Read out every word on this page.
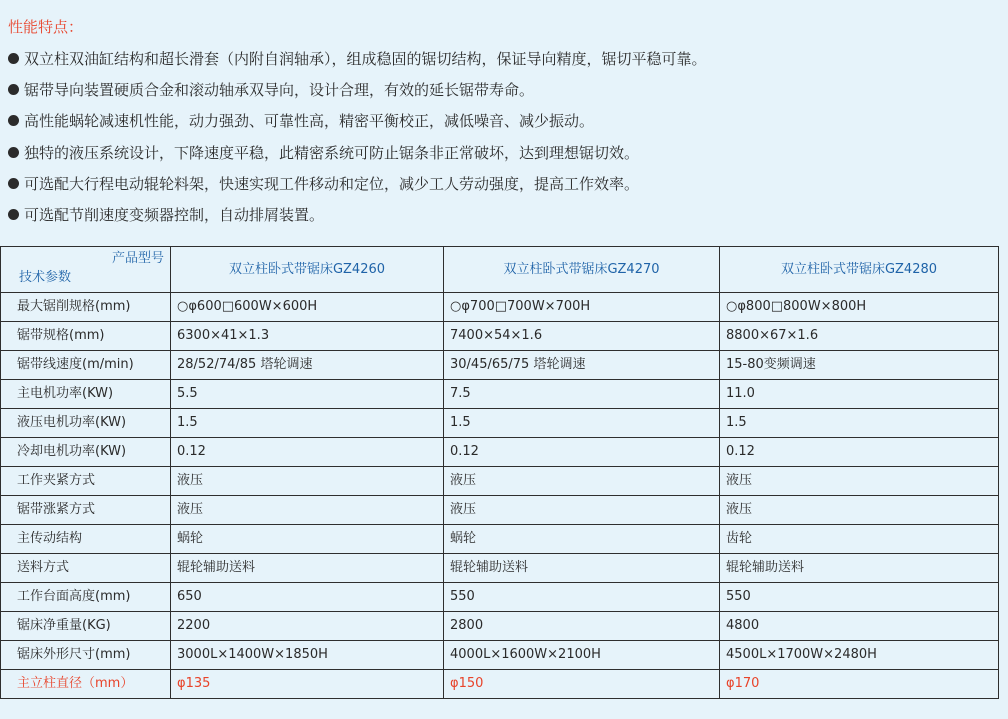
性能特点：
双立柱双油缸结构和超长滑套（内附自润轴承），组成稳固的锯切结构，保证导向精度，锯切平稳可靠。
锯带导向装置硬质合金和滚动轴承双导向，设计合理，有效的延长锯带寿命。
高性能蜗轮减速机性能，动力强劲、可靠性高，精密平衡校正，减低噪音、减少振动。
独特的液压系统设计，下降速度平稳，此精密系统可防止锯条非正常破坏，达到理想锯切效。
可选配大行程电动辊轮料架，快速实现工件移动和定位，减少工人劳动强度，提高工作效率。
可选配节削速度变频器控制，自动排屑装置。
产品型号
技术参数	双立柱卧式带锯床GZ4260	双立柱卧式带锯床GZ4270	双立柱卧式带锯床GZ4280
最大锯削规格(mm)	○φ600□600W×600H	○φ700□700W×700H	○φ800□800W×800H
锯带规格(mm)	6300×41×1.3	7400×54×1.6	8800×67×1.6
锯带线速度(m/min)	28/52/74/85 塔轮调速	30/45/65/75 塔轮调速	15-80变频调速
主电机功率(KW)	5.5	7.5	11.0
液压电机功率(KW)	1.5	1.5	1.5
冷却电机功率(KW)	0.12	0.12	0.12
工作夹紧方式	液压	液压	液压
锯带涨紧方式	液压	液压	液压
主传动结构	蜗轮	蜗轮	齿轮
送料方式	辊轮辅助送料	辊轮辅助送料	辊轮辅助送料
工作台面高度(mm)	650	550	550
锯床净重量(KG)	2200	2800	4800
锯床外形尺寸(mm)	3000L×1400W×1850H	4000L×1600W×2100H	4500L×1700W×2480H
主立柱直径（mm）	φ135	φ150	φ170
